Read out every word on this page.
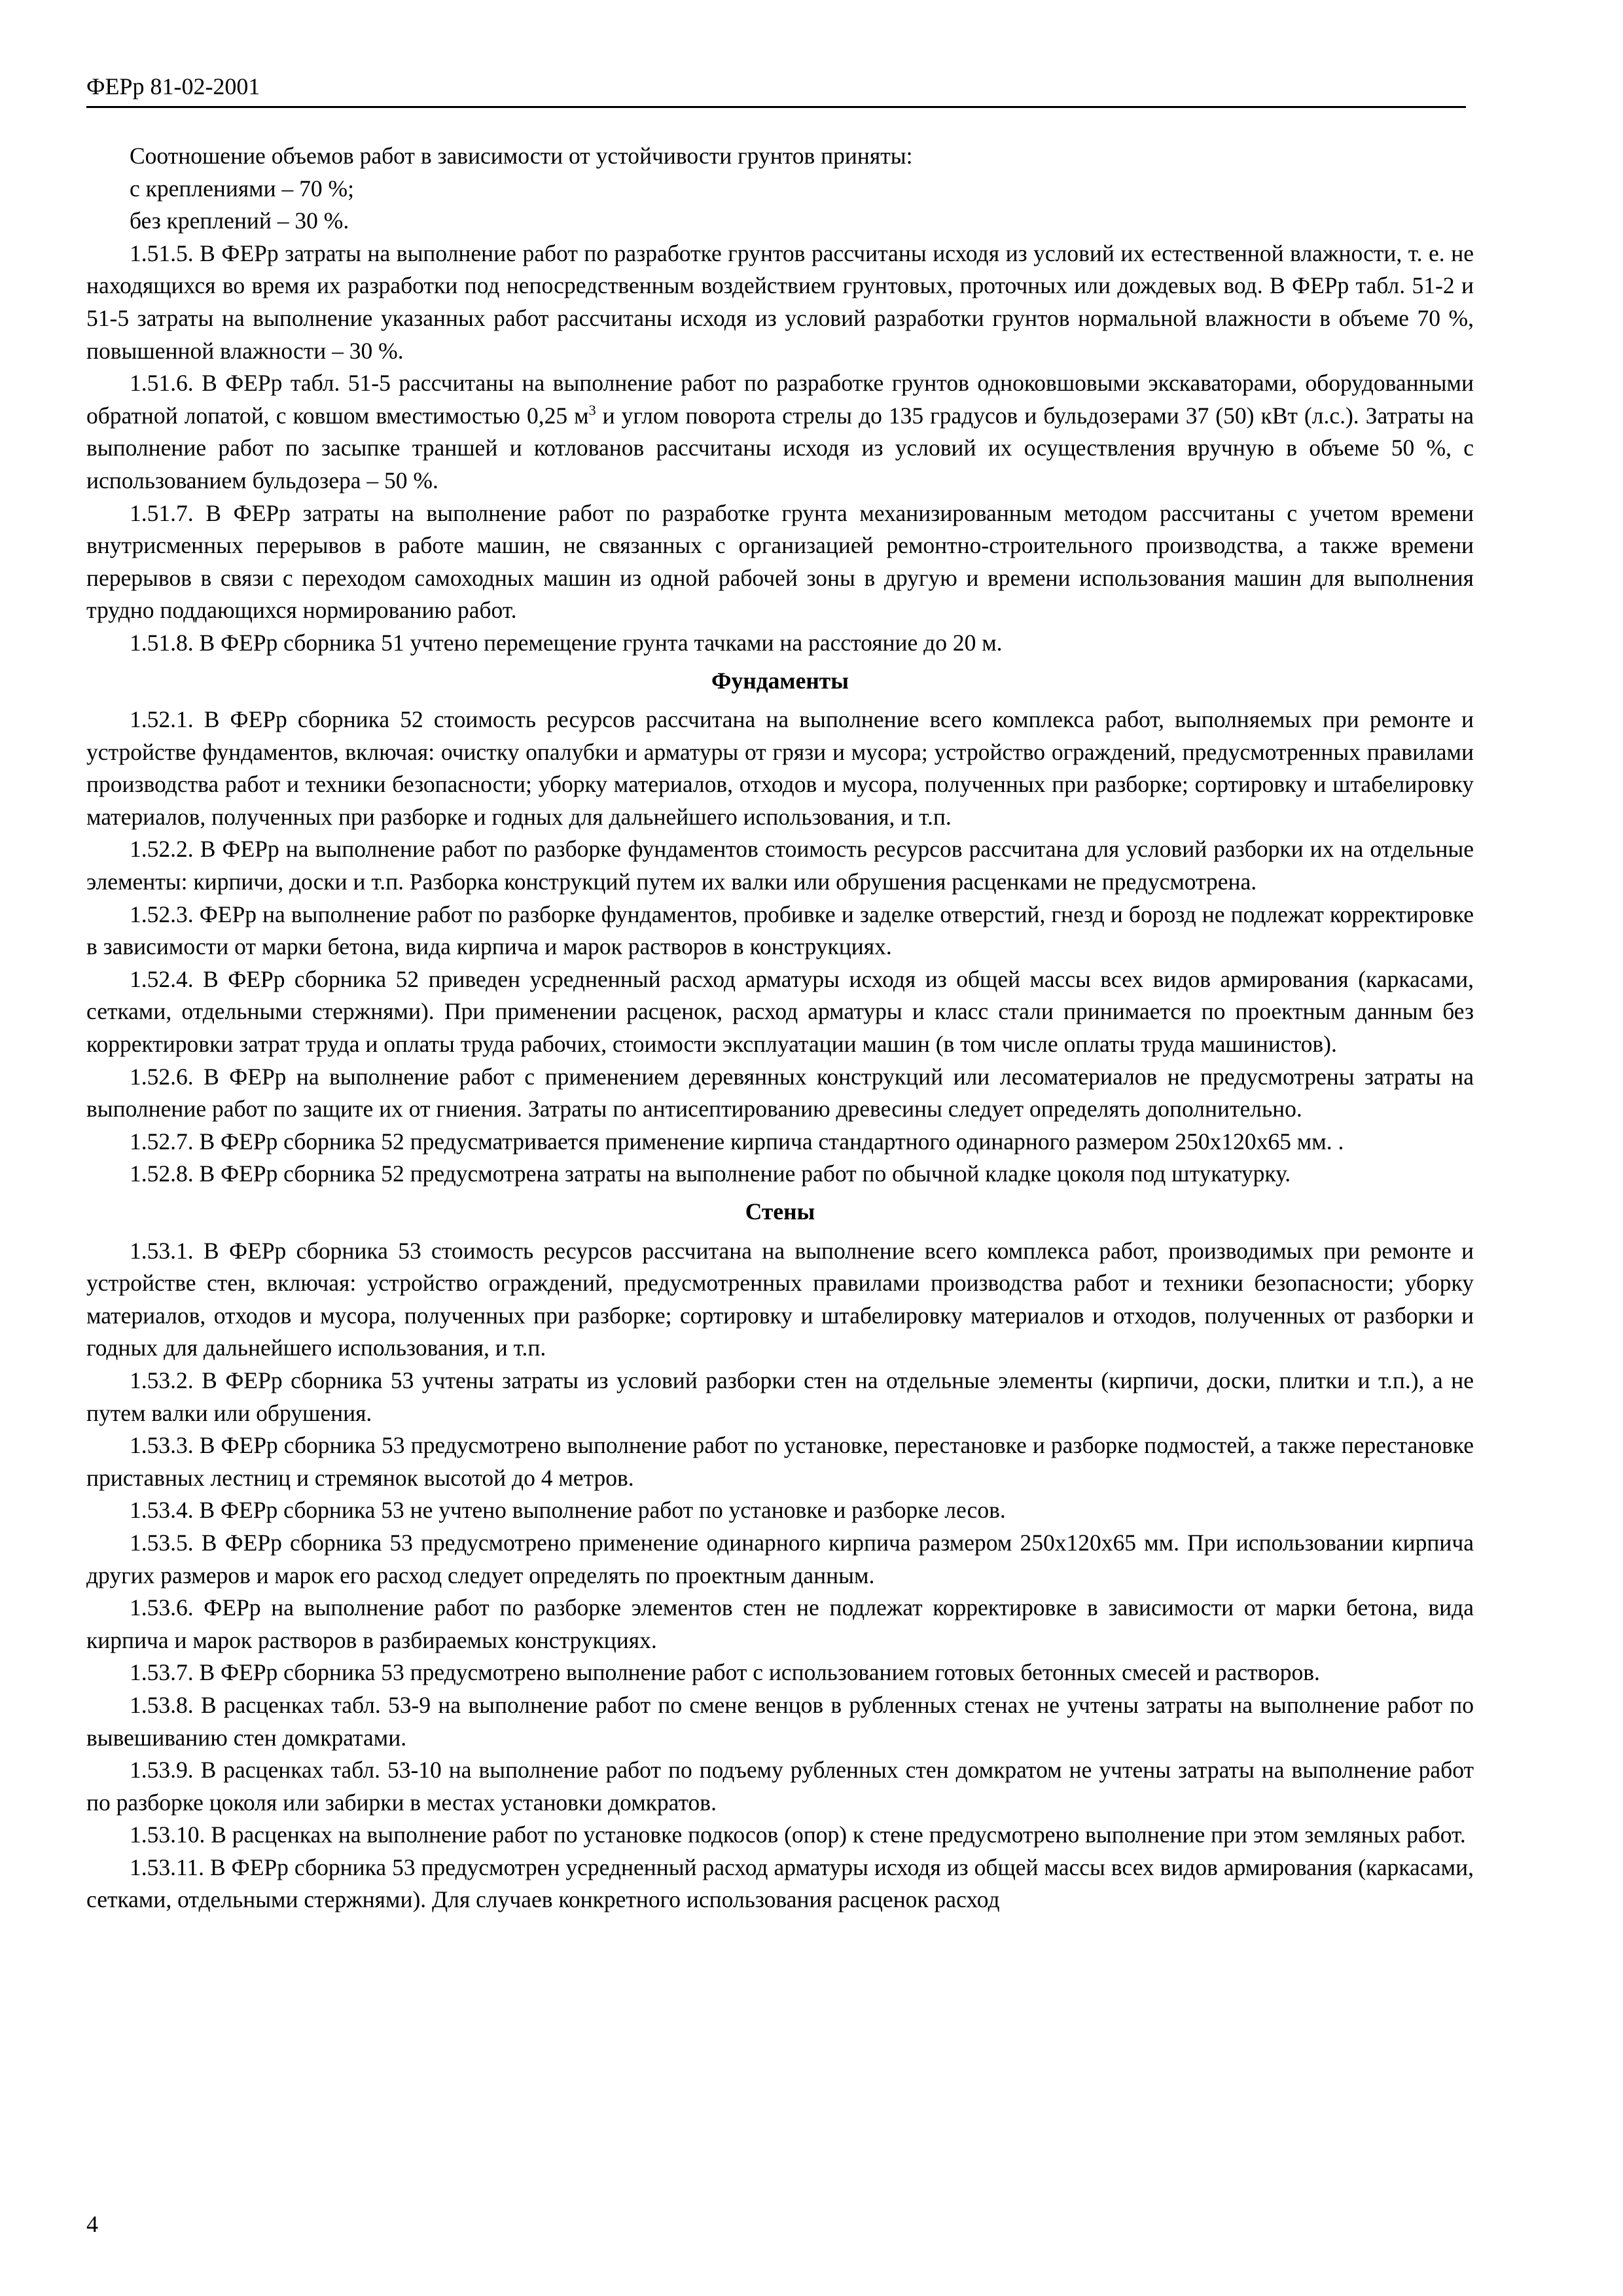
ФЕРр 81-02-2001

Соотношение объемов работ в зависимости от устойчивости грунтов приняты:

с креплениями – 70 %;

без креплений – 30 %.

1.51.5. В ФЕРр затраты на выполнение работ по разработке грунтов рассчитаны исходя из условий их естественной влажности, т. е. не находящихся во время их разработки под непосредственным воздействием грунтовых, проточных или дождевых вод. В ФЕРр табл. 51-2 и 51-5 затраты на выполнение указанных работ рассчитаны исходя из условий разработки грунтов нормальной влажности в объеме 70 %, повышенной влажности – 30 %.

1.51.6. В ФЕРр табл. 51-5 рассчитаны на выполнение работ по разработке грунтов одноковшовыми экскаваторами, оборудованными обратной лопатой, с ковшом вместимостью 0,25 $м^3$ и углом поворота стрелы до 135 градусов и бульдозерами 37 (50) кВт (л.с.). Затраты на выполнение работ по засыпке траншей и котлованов рассчитаны исходя из условий их осуществления вручную в объеме 50 %, с использованием бульдозера – 50 %.

1.51.7. В ФЕРр затраты на выполнение работ по разработке грунта механизированным методом рассчитаны с учетом времени внутрисменных перерывов в работе машин, не связанных с организацией ремонтно-строительного производства, а также времени перерывов в связи с переходом самоходных машин из одной рабочей зоны в другую и времени использования машин для выполнения трудно поддающихся нормированию работ.

1.51.8. В ФЕРр сборника 51 учтено перемещение грунта тачками на расстояние до 20 м.

Фундаменты

1.52.1. В ФЕРр сборника 52 стоимость ресурсов рассчитана на выполнение всего комплекса работ, выполняемых при ремонте и устройстве фундаментов, включая: очистку опалубки и арматуры от грязи и мусора; устройство ограждений, предусмотренных правилами производства работ и техники безопасности; уборку материалов, отходов и мусора, полученных при разборке; сортировку и штабелировку материалов, полученных при разборке и годных для дальнейшего использования, и т.п.

1.52.2. В ФЕРр на выполнение работ по разборке фундаментов стоимость ресурсов рассчитана для условий разборки их на отдельные элементы: кирпичи, доски и т.п. Разборка конструкций путем их валки или обрушения расценками не предусмотрена.

1.52.3. ФЕРр на выполнение работ по разборке фундаментов, пробивке и заделке отверстий, гнезд и борозд не подлежат корректировке в зависимости от марки бетона, вида кирпича и марок растворов в конструкциях.

1.52.4. В ФЕРр сборника 52 приведен усредненный расход арматуры исходя из общей массы всех видов армирования (каркасами, сетками, отдельными стержнями). При применении расценок, расход арматуры и класс стали принимается по проектным данным без корректировки затрат труда и оплаты труда рабочих, стоимости эксплуатации машин (в том числе оплаты труда машинистов).

1.52.6. В ФЕРр на выполнение работ с применением деревянных конструкций или лесоматериалов не предусмотрены затраты на выполнение работ по защите их от гниения. Затраты по антисептированию древесины следует определять дополнительно.

1.52.7. В ФЕРр сборника 52 предусматривается применение кирпича стандартного одинарного размером 250х120х65 мм. .

1.52.8. В ФЕРр сборника 52 предусмотрена затраты на выполнение работ по обычной кладке цоколя под штукатурку.

Стены

1.53.1. В ФЕРр сборника 53 стоимость ресурсов рассчитана на выполнение всего комплекса работ, производимых при ремонте и устройстве стен, включая: устройство ограждений, предусмотренных правилами производства работ и техники безопасности; уборку материалов, отходов и мусора, полученных при разборке; сортировку и штабелировку материалов и отходов, полученных от разборки и годных для дальнейшего использования, и т.п.

1.53.2. В ФЕРр сборника 53 учтены затраты из условий разборки стен на отдельные элементы (кирпичи, доски, плитки и т.п.), а не путем валки или обрушения.

1.53.3. В ФЕРр сборника 53 предусмотрено выполнение работ по установке, перестановке и разборке подмостей, а также перестановке приставных лестниц и стремянок высотой до 4 метров.

1.53.4. В ФЕРр сборника 53 не учтено выполнение работ по установке и разборке лесов.

1.53.5. В ФЕРр сборника 53 предусмотрено применение одинарного кирпича размером 250х120х65 мм. При использовании кирпича других размеров и марок его расход следует определять по проектным данным.

1.53.6. ФЕРр на выполнение работ по разборке элементов стен не подлежат корректировке в зависимости от марки бетона, вида кирпича и марок растворов в разбираемых конструкциях.

1.53.7. В ФЕРр сборника 53 предусмотрено выполнение работ с использованием готовых бетонных смесей и растворов.

1.53.8. В расценках табл. 53-9 на выполнение работ по смене венцов в рубленных стенах не учтены затраты на выполнение работ по вывешиванию стен домкратами.

1.53.9. В расценках табл. 53-10 на выполнение работ по подъему рубленных стен домкратом не учтены затраты на выполнение работ по разборке цоколя или забирки в местах установки домкратов.

1.53.10. В расценках на выполнение работ по установке подкосов (опор) к стене предусмотрено выполнение при этом земляных работ.

1.53.11. В ФЕРр сборника 53 предусмотрен усредненный расход арматуры исходя из общей массы всех видов армирования (каркасами, сетками, отдельными стержнями). Для случаев конкретного использования расценок расход

4
